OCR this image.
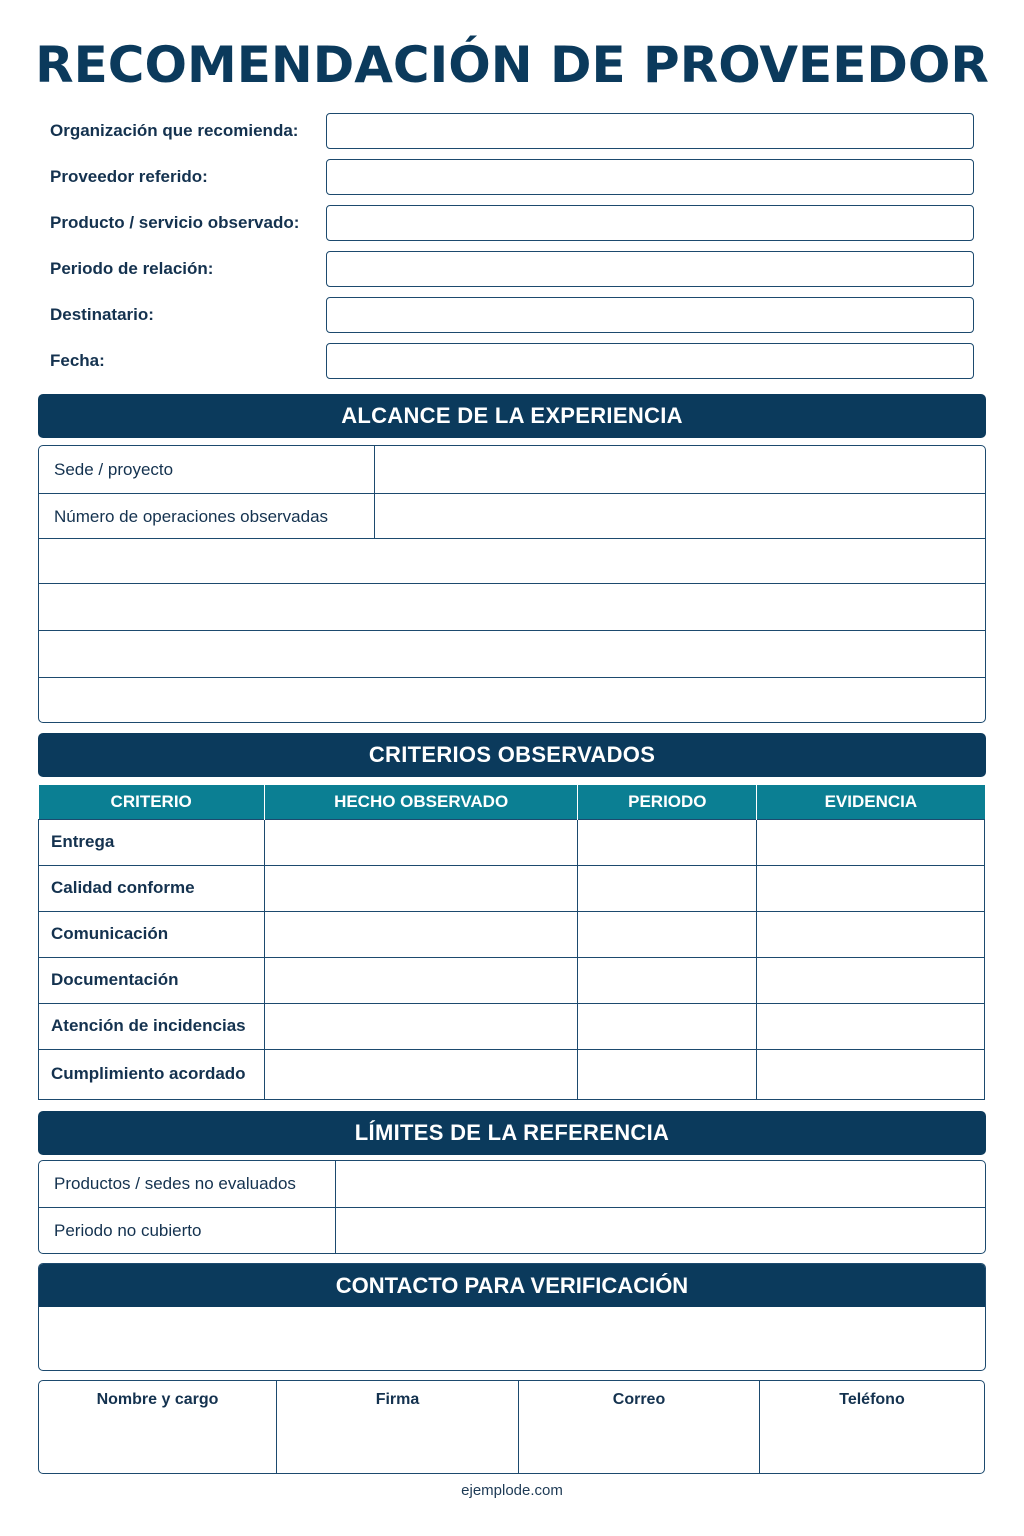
RECOMENDACIÓN DE PROVEEDOR
Organización que recomienda:
Proveedor referido:
Producto / servicio observado:
Periodo de relación:
Destinatario:
Fecha:
ALCANCE DE LA EXPERIENCIA
Sede / proyecto
Número de operaciones observadas
CRITERIOS OBSERVADOS
CRITERIO	HECHO OBSERVADO	PERIODO	EVIDENCIA
Entrega			
Calidad conforme			
Comunicación			
Documentación			
Atención de incidencias			
Cumplimiento acordado			
LÍMITES DE LA REFERENCIA
Productos / sedes no evaluados
Periodo no cubierto
CONTACTO PARA VERIFICACIÓN
Nombre y cargo	Firma	Correo	Teléfono
ejemplode.com
